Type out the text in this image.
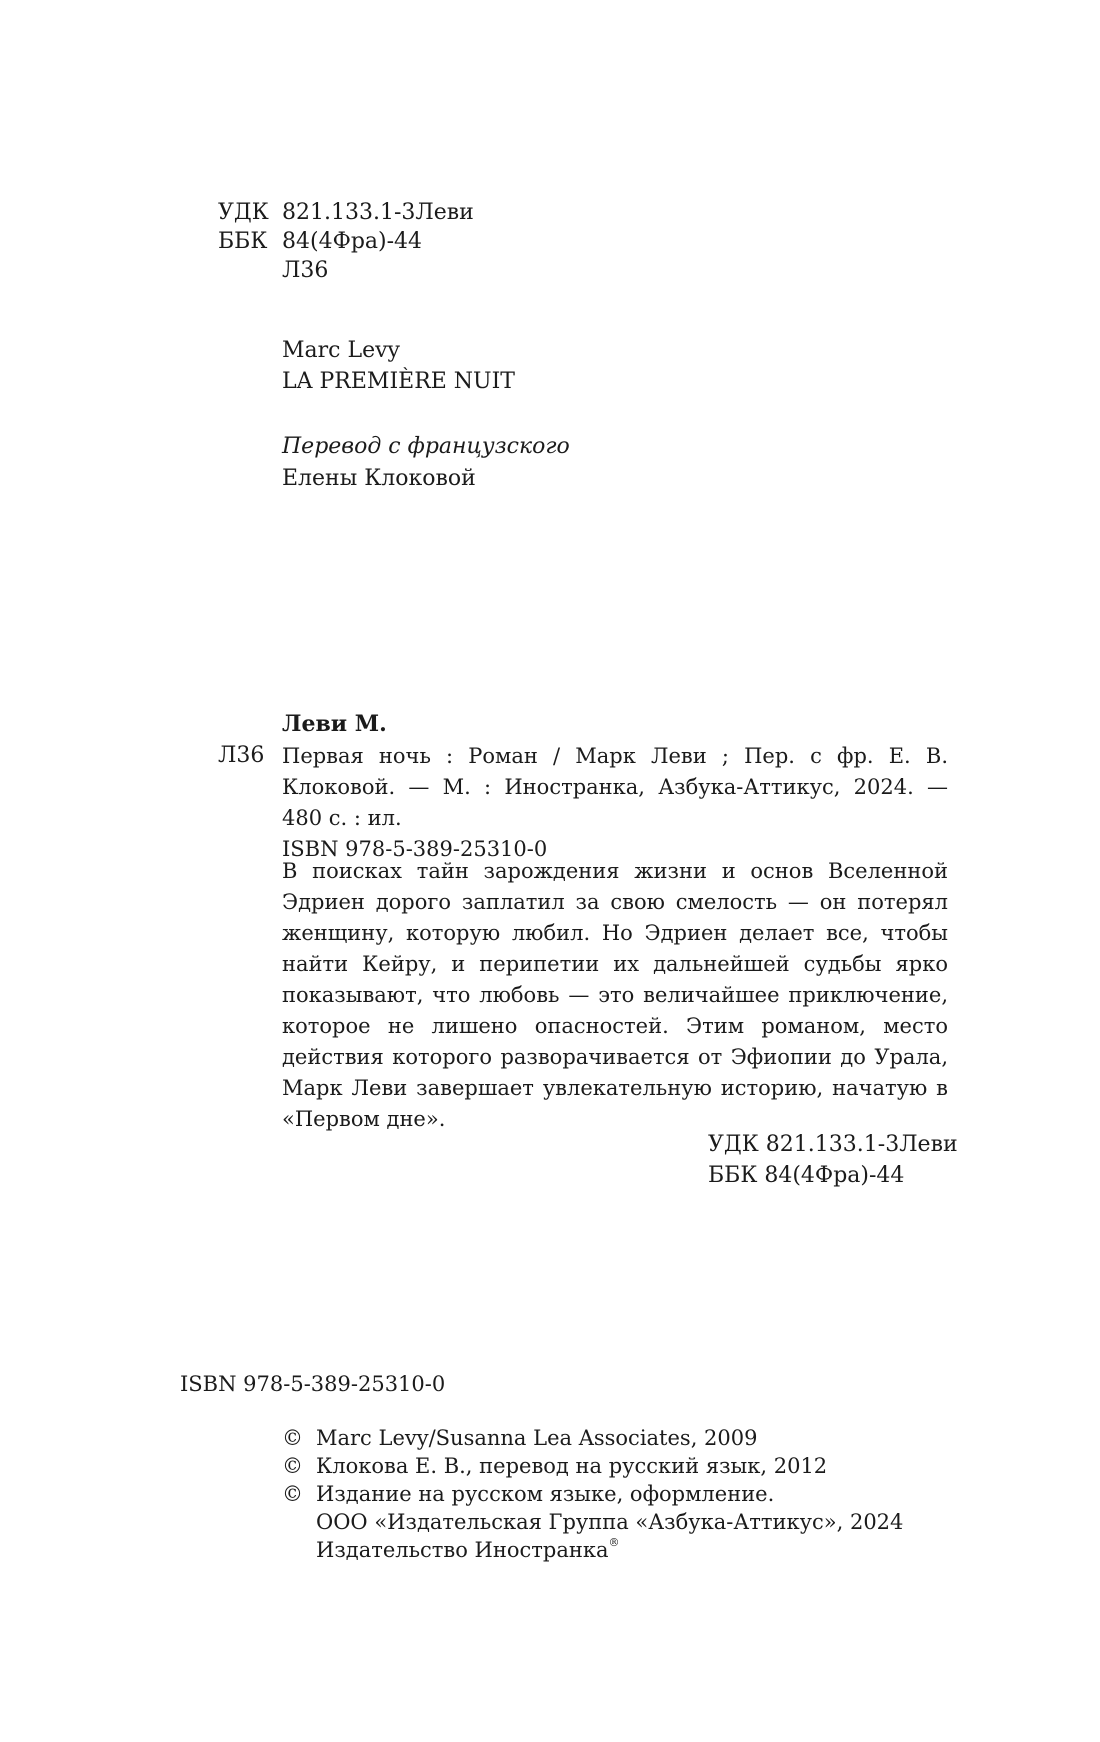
УДК 821.133.1-3Леви
ББК 84(4Фра)-44
Л36
Marc Levy
LA PREMIÈRE NUIT
Перевод с французского
Елены Клоковой
Леви М.
Л36 Первая ночь : Роман / Марк Леви ; Пер. с фр. Е. В. Клоковой. — М. : Иностранка, Азбука-Аттикус, 2024. — 480 с. : ил.
ISBN 978-5-389-25310-0
В поисках тайн зарождения жизни и основ Вселенной Эдриен дорого заплатил за свою смелость — он потерял женщину, которую любил. Но Эдриен делает все, чтобы найти Кейру, и перипетии их дальнейшей судьбы ярко показывают, что любовь — это величайшее приключение, которое не лишено опасностей. Этим романом, место действия которого разворачивается от Эфиопии до Урала, Марк Леви завершает увлекательную историю, начатую в «Первом дне».
УДК 821.133.1-3Леви
ББК 84(4Фра)-44
ISBN 978-5-389-25310-0
© Marc Levy/Susanna Lea Associates, 2009
© Клокова Е. В., перевод на русский язык, 2012
© Издание на русском языке, оформление.
ООО «Издательская Группа «Азбука-Аттикус», 2024
Издательство Иностранка®
